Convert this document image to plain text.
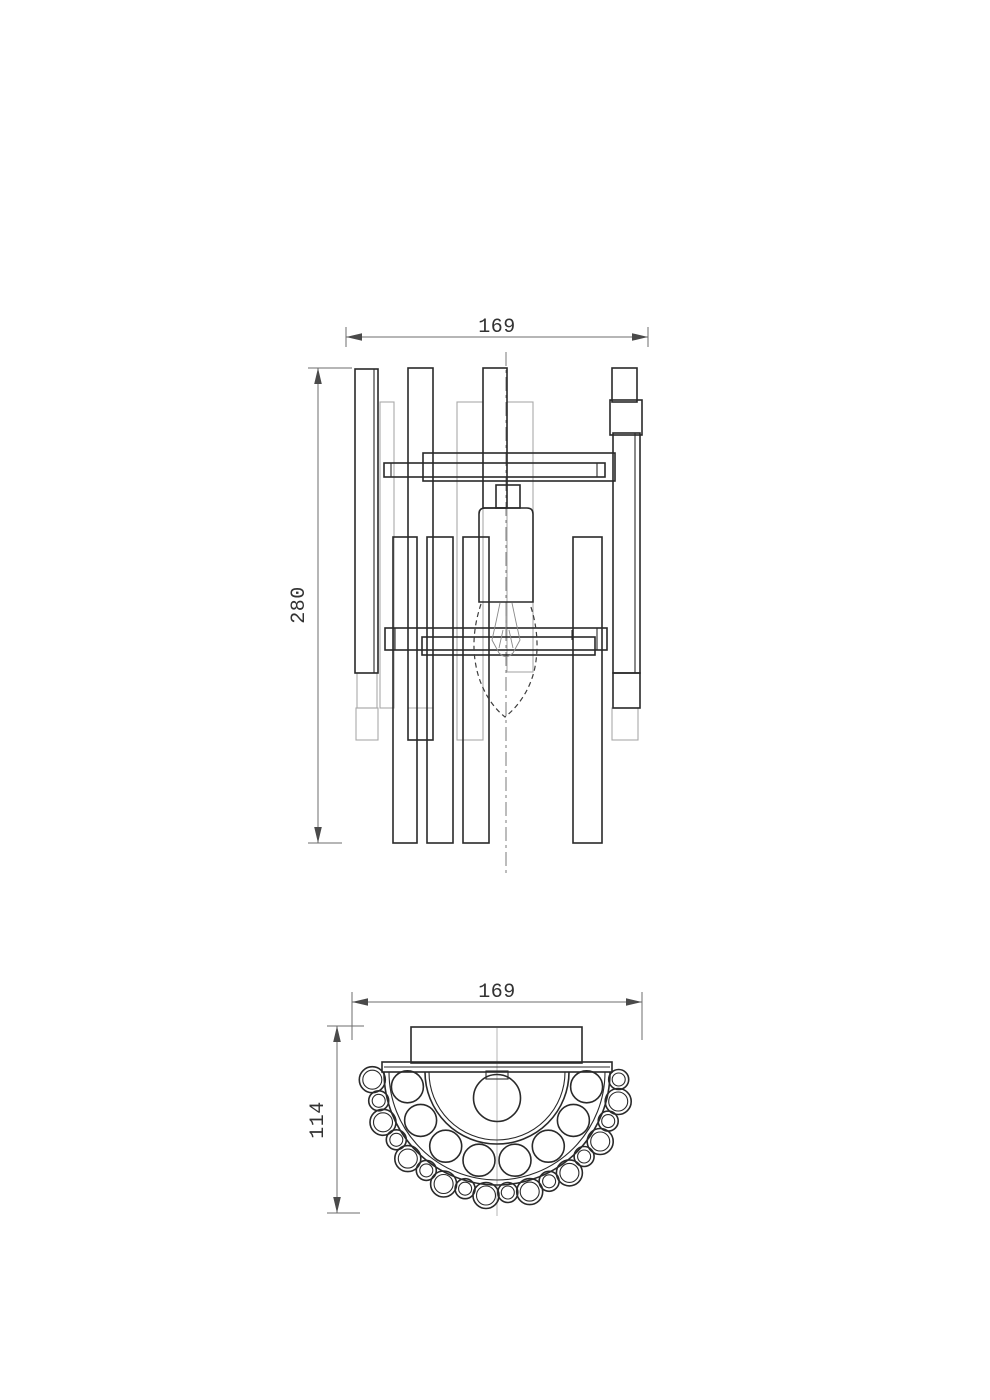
169
280
169
114
